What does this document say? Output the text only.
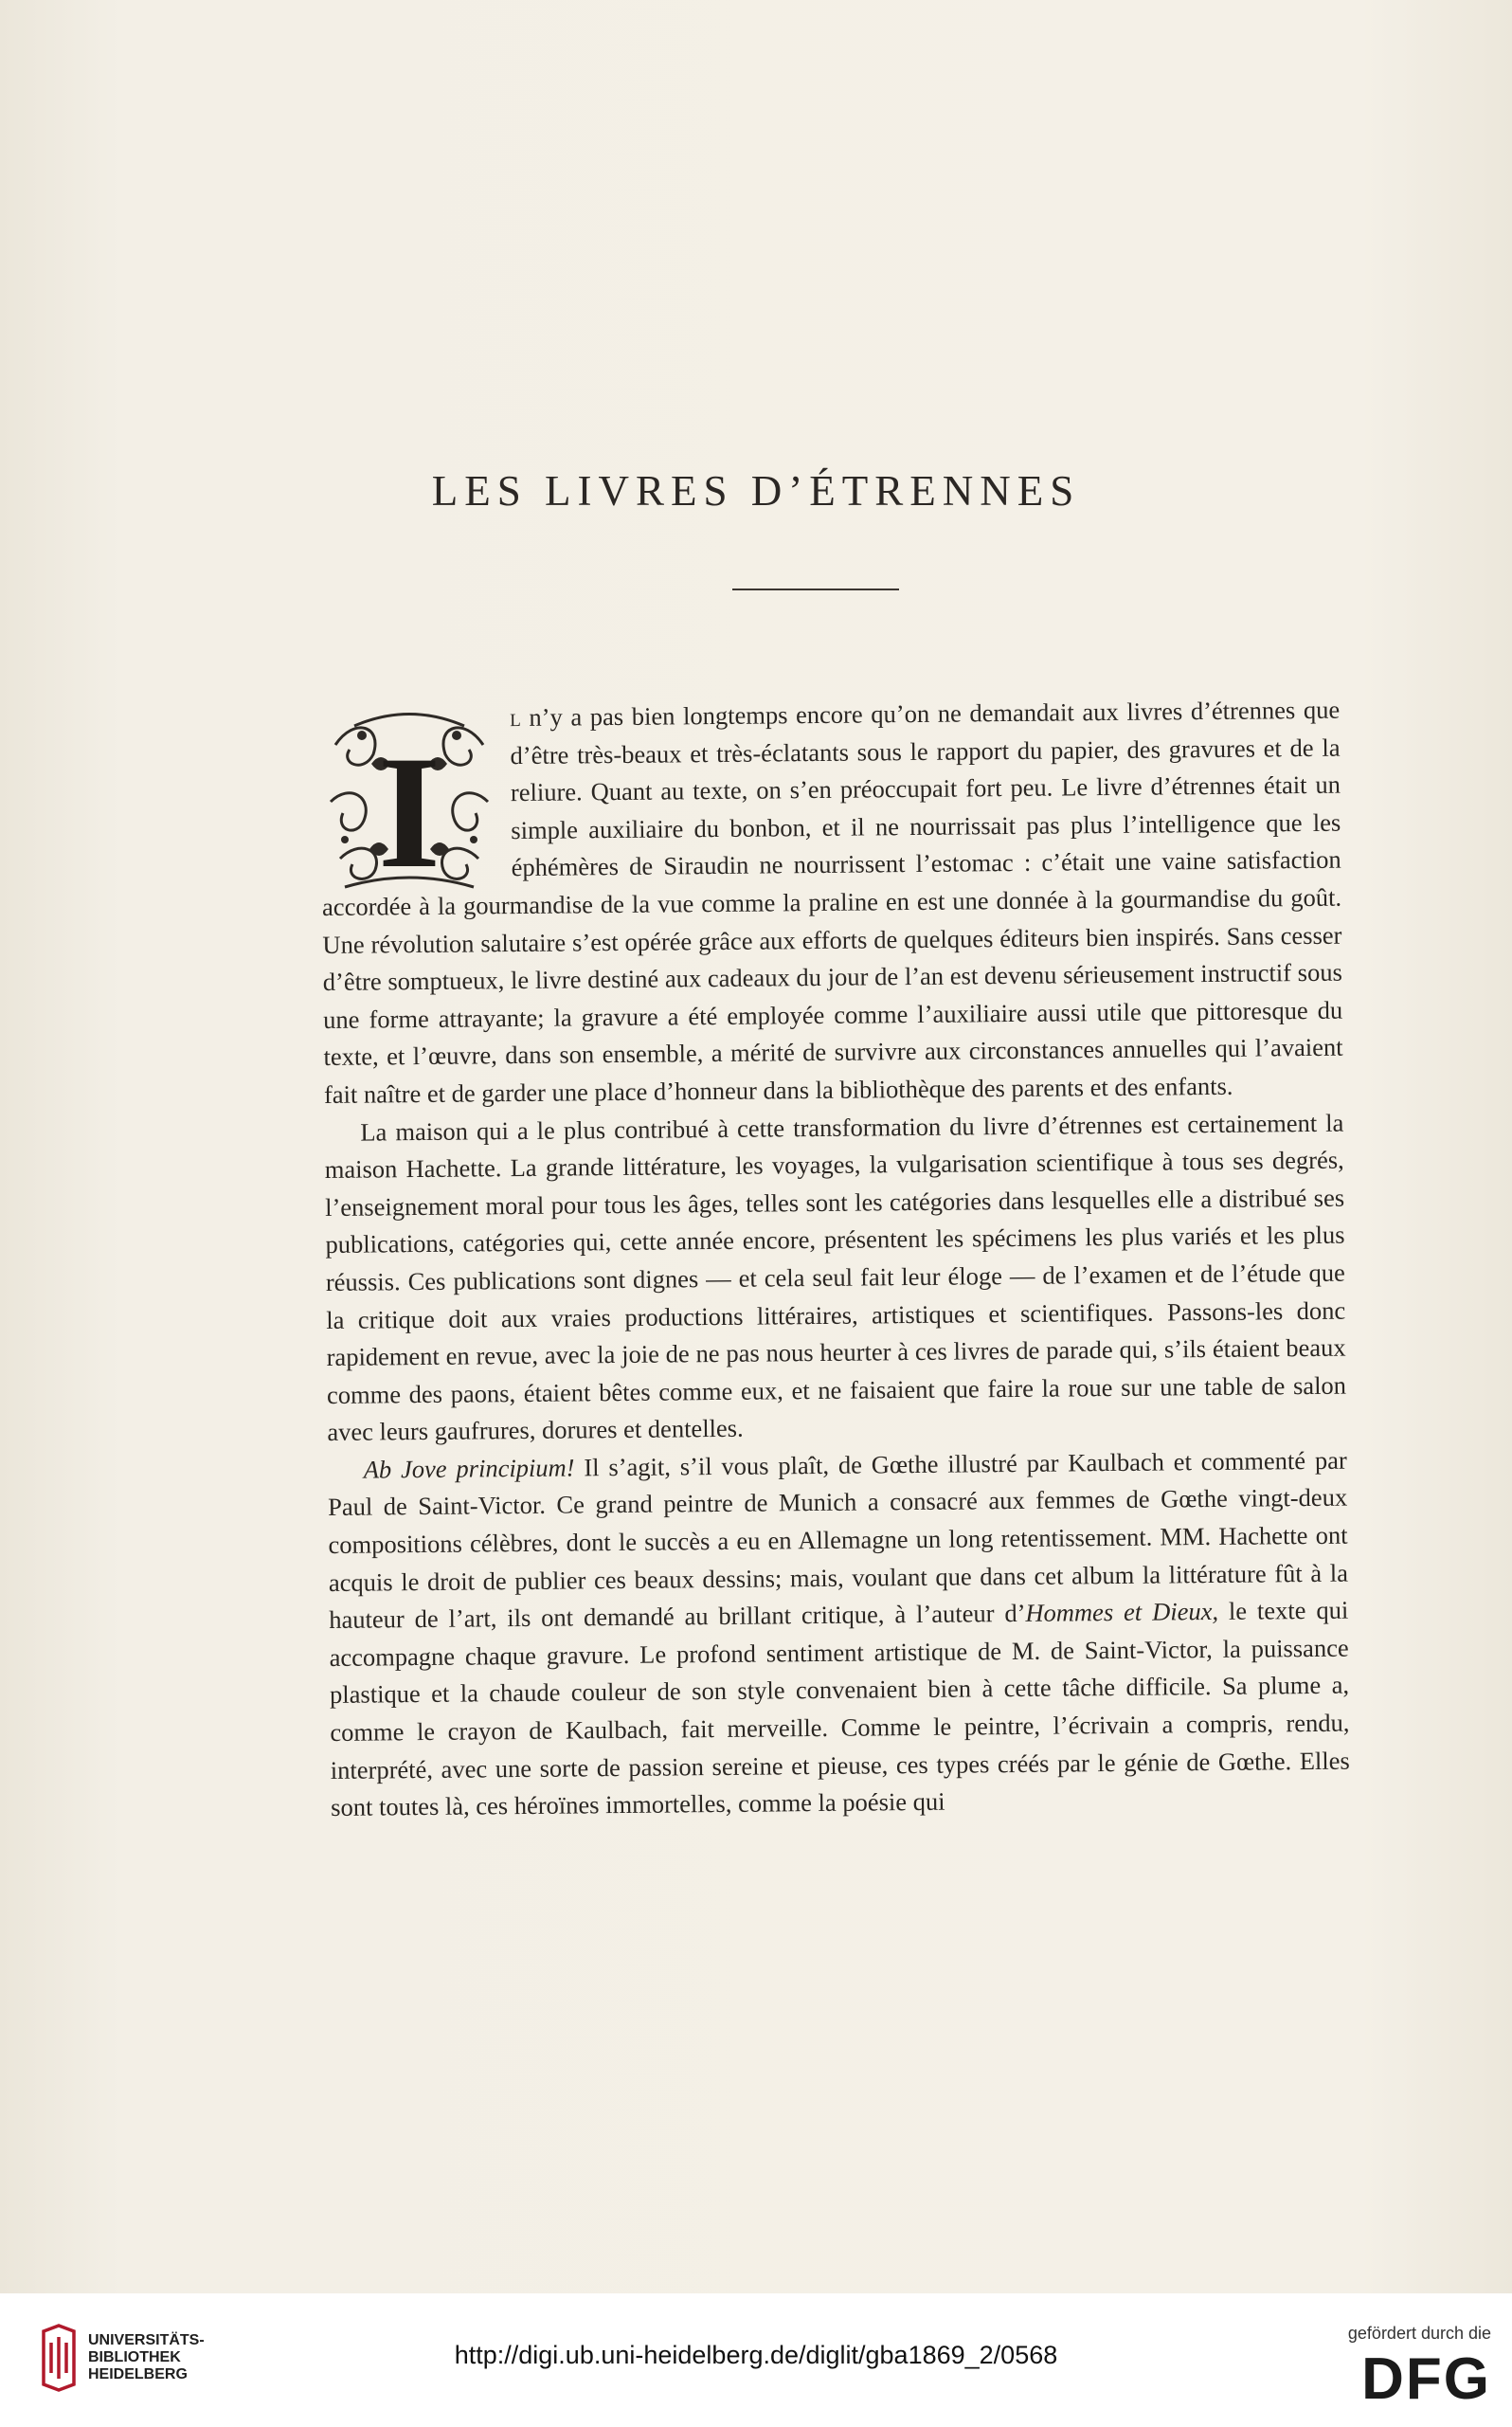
LES LIVRES D’ÉTRENNES
I

l n’y a pas bien longtemps encore qu’on ne demandait aux livres d’étrennes que d’être très-beaux et très-éclatants sous le rapport du papier, des gravures et de la reliure. Quant au texte, on s’en préoccupait fort peu. Le livre d’étrennes était un simple auxiliaire du bonbon, et il ne nourrissait pas plus l’intelligence que les éphémères de Siraudin ne nourrissent l’estomac : c’était une vaine satisfaction accordée à la gourmandise de la vue comme la praline en est une donnée à la gourmandise du goût. Une révolution salutaire s’est opérée grâce aux efforts de quelques éditeurs bien inspirés. Sans cesser d’être somptueux, le livre destiné aux cadeaux du jour de l’an est devenu sérieusement instructif sous une forme attrayante; la gravure a été employée comme l’auxiliaire aussi utile que pittoresque du texte, et l’œuvre, dans son ensemble, a mérité de survivre aux circonstances annuelles qui l’avaient fait naître et de garder une place d’honneur dans la bibliothèque des parents et des enfants.

La maison qui a le plus contribué à cette transformation du livre d’étrennes est certainement la maison Hachette. La grande littérature, les voyages, la vulgarisation scientifique à tous ses degrés, l’enseignement moral pour tous les âges, telles sont les catégories dans lesquelles elle a distribué ses publications, catégories qui, cette année encore, présentent les spécimens les plus variés et les plus réussis. Ces publications sont dignes — et cela seul fait leur éloge — de l’examen et de l’étude que la critique doit aux vraies productions littéraires, artistiques et scientifiques. Passons-les donc rapidement en revue, avec la joie de ne pas nous heurter à ces livres de parade qui, s’ils étaient beaux comme des paons, étaient bêtes comme eux, et ne faisaient que faire la roue sur une table de salon avec leurs gaufrures, dorures et dentelles.

Ab Jove principium! Il s’agit, s’il vous plaît, de Gœthe illustré par Kaulbach et commenté par Paul de Saint-Victor. Ce grand peintre de Munich a consacré aux femmes de Gœthe vingt-deux compositions célèbres, dont le succès a eu en Allemagne un long retentissement. MM. Hachette ont acquis le droit de publier ces beaux dessins; mais, voulant que dans cet album la littérature fût à la hauteur de l’art, ils ont demandé au brillant critique, à l’auteur d’Hommes et Dieux, le texte qui accompagne chaque gravure. Le profond sentiment artistique de M. de Saint-Victor, la puissance plastique et la chaude couleur de son style convenaient bien à cette tâche difficile. Sa plume a, comme le crayon de Kaulbach, fait merveille. Comme le peintre, l’écrivain a compris, rendu, interprété, avec une sorte de passion sereine et pieuse, ces types créés par le génie de Gœthe. Elles sont toutes là, ces héroïnes immortelles, comme la poésie qui

UNIVERSITÄTS-
BIBLIOTHEK
HEIDELBERG
http://digi.ub.uni-heidelberg.de/diglit/gba1869_2/0568
gefördert durch die
DFG
